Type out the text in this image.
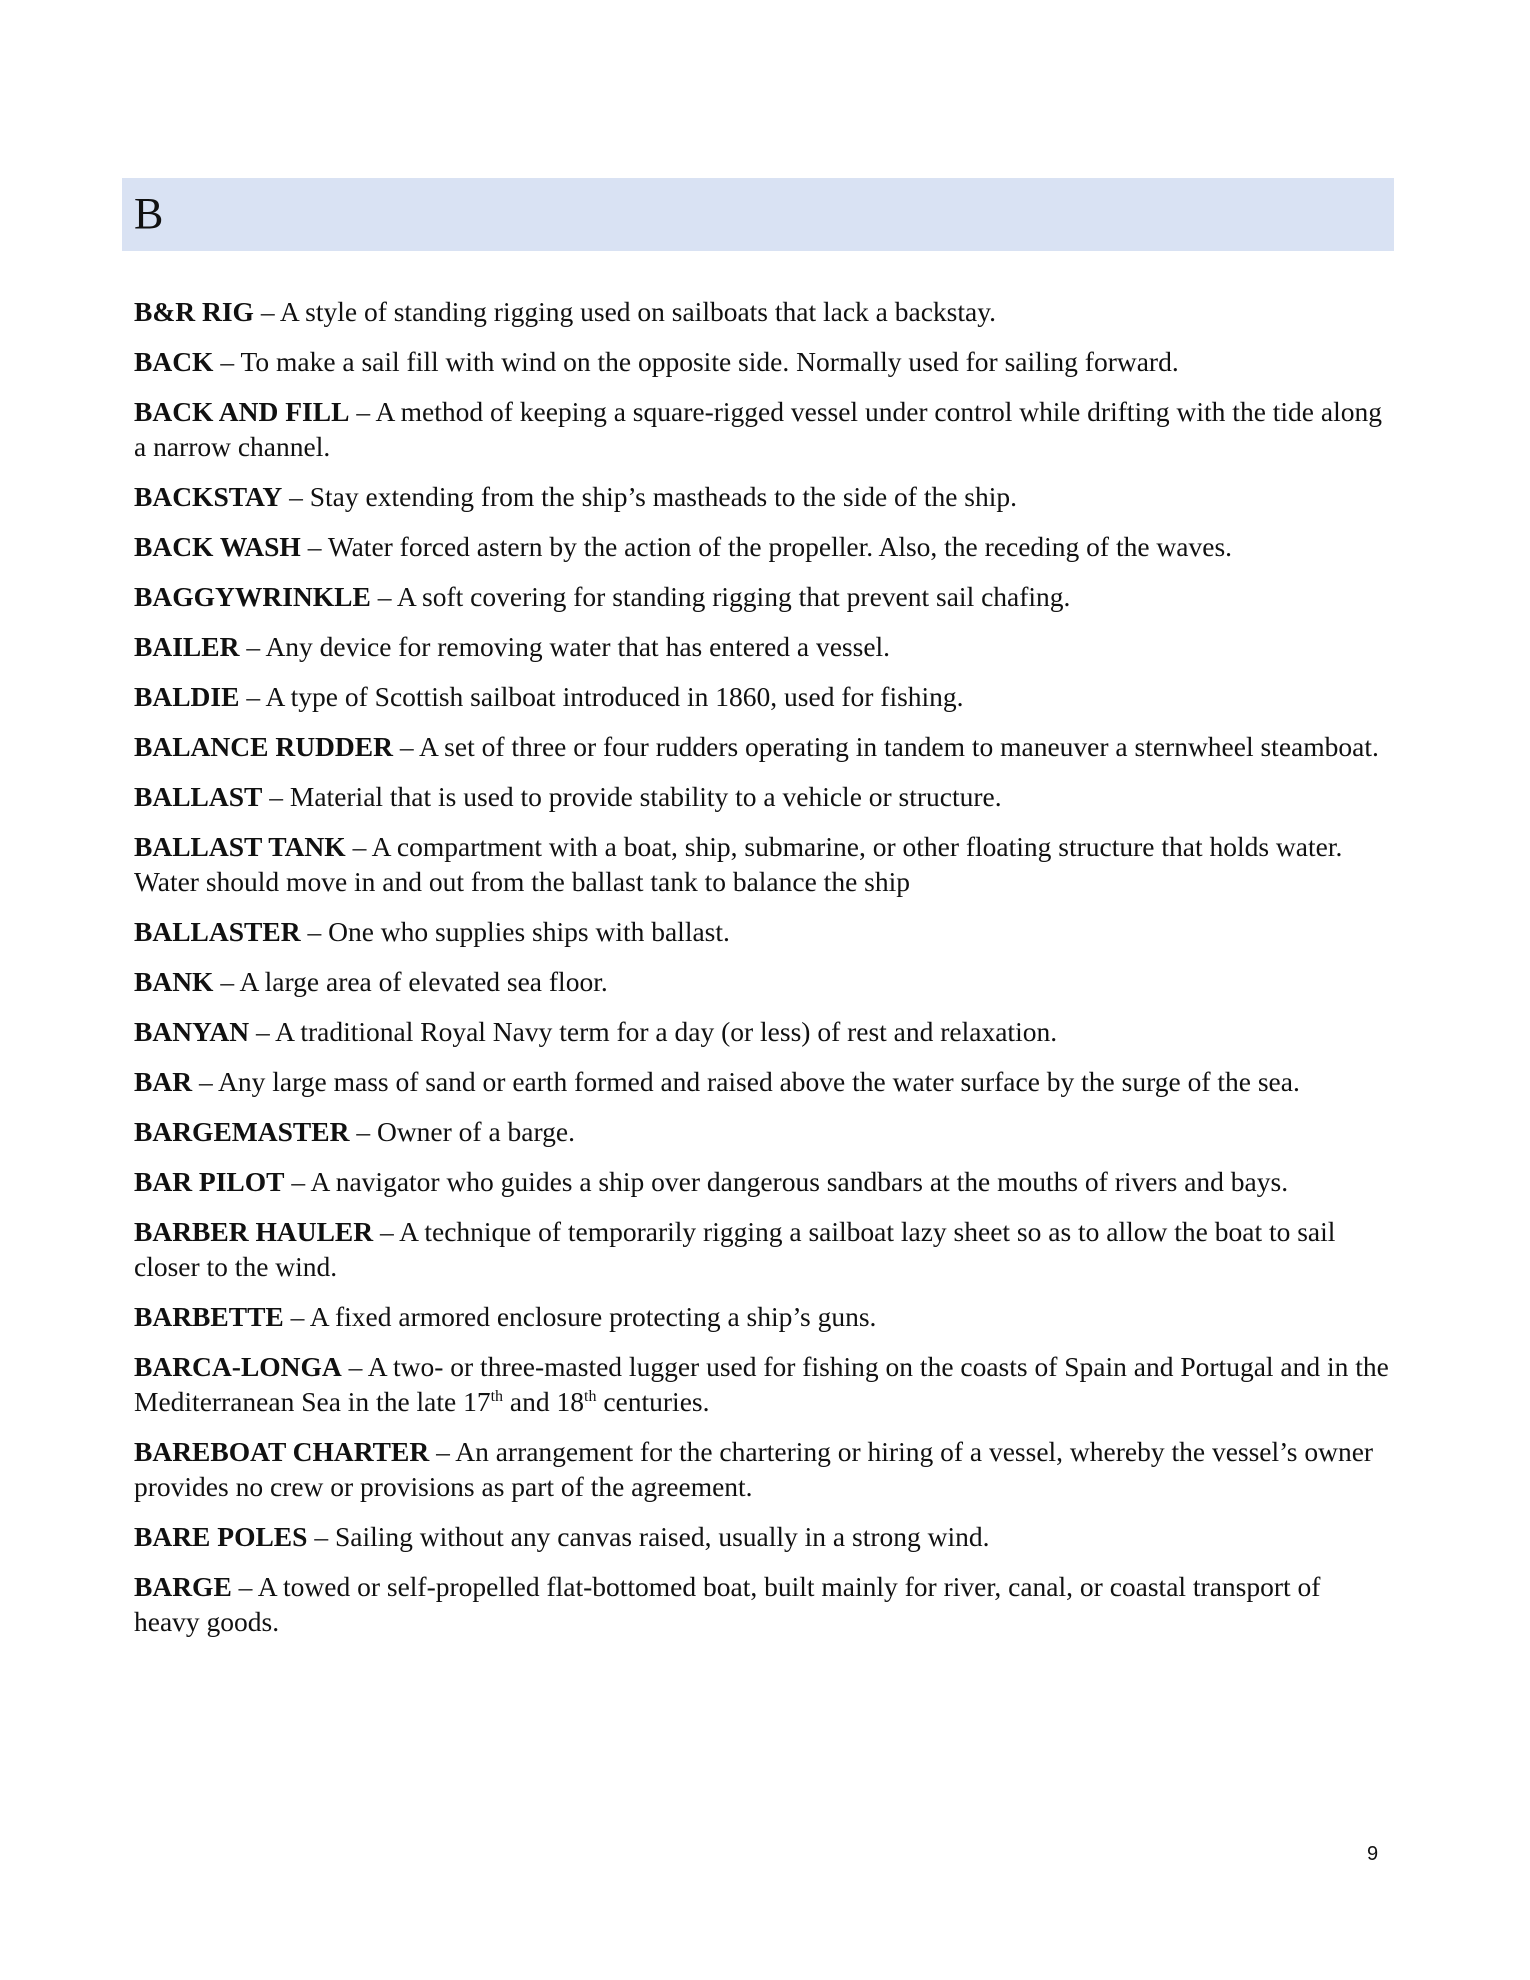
B

B&R RIG – A style of standing rigging used on sailboats that lack a backstay.

BACK – To make a sail fill with wind on the opposite side. Normally used for sailing forward.

BACK AND FILL – A method of keeping a square-rigged vessel under control while drifting with the tide along a narrow channel.

BACKSTAY – Stay extending from the ship’s mastheads to the side of the ship.

BACK WASH – Water forced astern by the action of the propeller. Also, the receding of the waves.

BAGGYWRINKLE – A soft covering for standing rigging that prevent sail chafing.

BAILER – Any device for removing water that has entered a vessel.

BALDIE – A type of Scottish sailboat introduced in 1860, used for fishing.

BALANCE RUDDER – A set of three or four rudders operating in tandem to maneuver a sternwheel steamboat.

BALLAST – Material that is used to provide stability to a vehicle or structure.

BALLAST TANK – A compartment with a boat, ship, submarine, or other floating structure that holds water. Water should move in and out from the ballast tank to balance the ship

BALLASTER – One who supplies ships with ballast.

BANK – A large area of elevated sea floor.

BANYAN – A traditional Royal Navy term for a day (or less) of rest and relaxation.

BAR – Any large mass of sand or earth formed and raised above the water surface by the surge of the sea.

BARGEMASTER – Owner of a barge.

BAR PILOT – A navigator who guides a ship over dangerous sandbars at the mouths of rivers and bays.

BARBER HAULER – A technique of temporarily rigging a sailboat lazy sheet so as to allow the boat to sail closer to the wind.

BARBETTE – A fixed armored enclosure protecting a ship’s guns.

BARCA-LONGA – A two- or three-masted lugger used for fishing on the coasts of Spain and Portugal and in the Mediterranean Sea in the late 17th and 18th centuries.

BAREBOAT CHARTER – An arrangement for the chartering or hiring of a vessel, whereby the vessel’s owner provides no crew or provisions as part of the agreement.

BARE POLES – Sailing without any canvas raised, usually in a strong wind.

BARGE – A towed or self-propelled flat-bottomed boat, built mainly for river, canal, or coastal transport of heavy goods.

9
